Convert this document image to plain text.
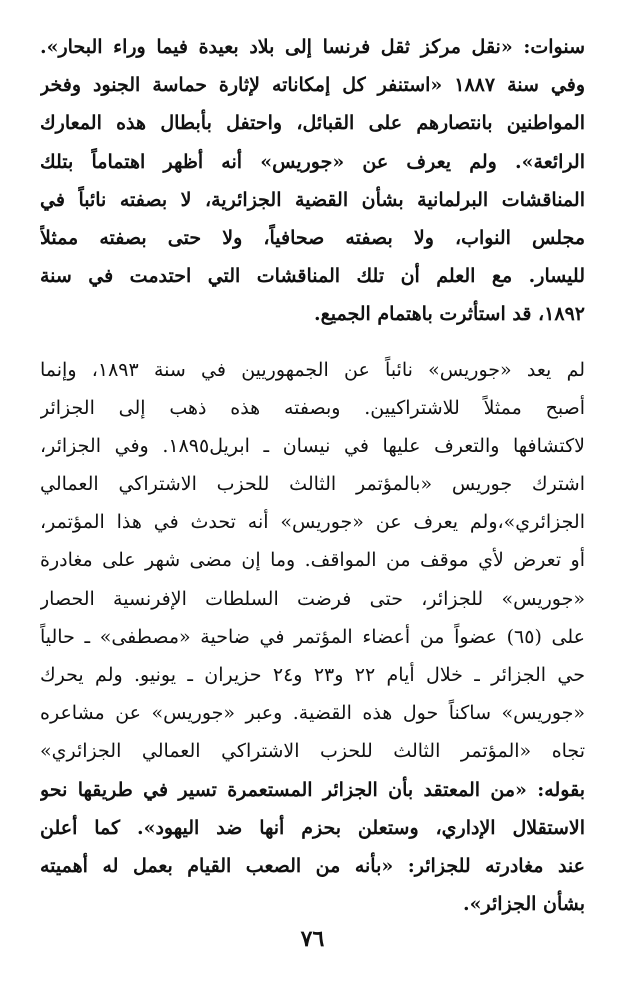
سنوات: «نقل مركز ثقل فرنسا إلى بلاد بعيدة فيما وراء البحار».
وفي سنة ١٨٨٧ «استنفر كل إمكاناته لإثارة حماسة الجنود وفخر
المواطنين بانتصارهم على القبائل، واحتفل بأبطال هذه المعارك
الرائعة». ولم يعرف عن «جوريس» أنه أظهر اهتماماً بتلك
المناقشات البرلمانية بشأن القضية الجزائرية، لا بصفته نائباً في
مجلس النواب، ولا بصفته صحافياً، ولا حتى بصفته ممثلاً
لليسار. مع العلم أن تلك المناقشات التي احتدمت في سنة
١٨٩٢، قد استأثرت باهتمام الجميع.
لم يعد «جوريس» نائباً عن الجمهوريين في سنة ١٨٩٣، وإنما
أصبح ممثلاً للاشتراكيين. وبصفته هذه ذهب إلى الجزائر
لاكتشافها والتعرف عليها في نيسان ـ ابريل١٨٩٥. وفي الجزائر،
اشترك جوريس «بالمؤتمر الثالث للحزب الاشتراكي العمالي
الجزائري»،ولم يعرف عن «جوريس» أنه تحدث في هذا المؤتمر،
أو تعرض لأي موقف من المواقف. وما إن مضى شهر على مغادرة
«جوريس» للجزائر، حتى فرضت السلطات الإفرنسية الحصار
على (٦٥) عضواً من أعضاء المؤتمر في ضاحية «مصطفى» ـ حالياً
حي الجزائر ـ خلال أيام ٢٢ و٢٣ و٢٤ حزيران ـ يونيو. ولم يحرك
«جوريس» ساكناً حول هذه القضية. وعبر «جوريس» عن مشاعره
تجاه «المؤتمر الثالث للحزب الاشتراكي العمالي الجزائري»
بقوله: «من المعتقد بأن الجزائر المستعمرة تسير في طريقها نحو
الاستقلال الإداري، وستعلن بحزم أنها ضد اليهود». كما أعلن
عند مغادرته للجزائر: «بأنه من الصعب القيام بعمل له أهميته
بشأن الجزائر».
٧٦
